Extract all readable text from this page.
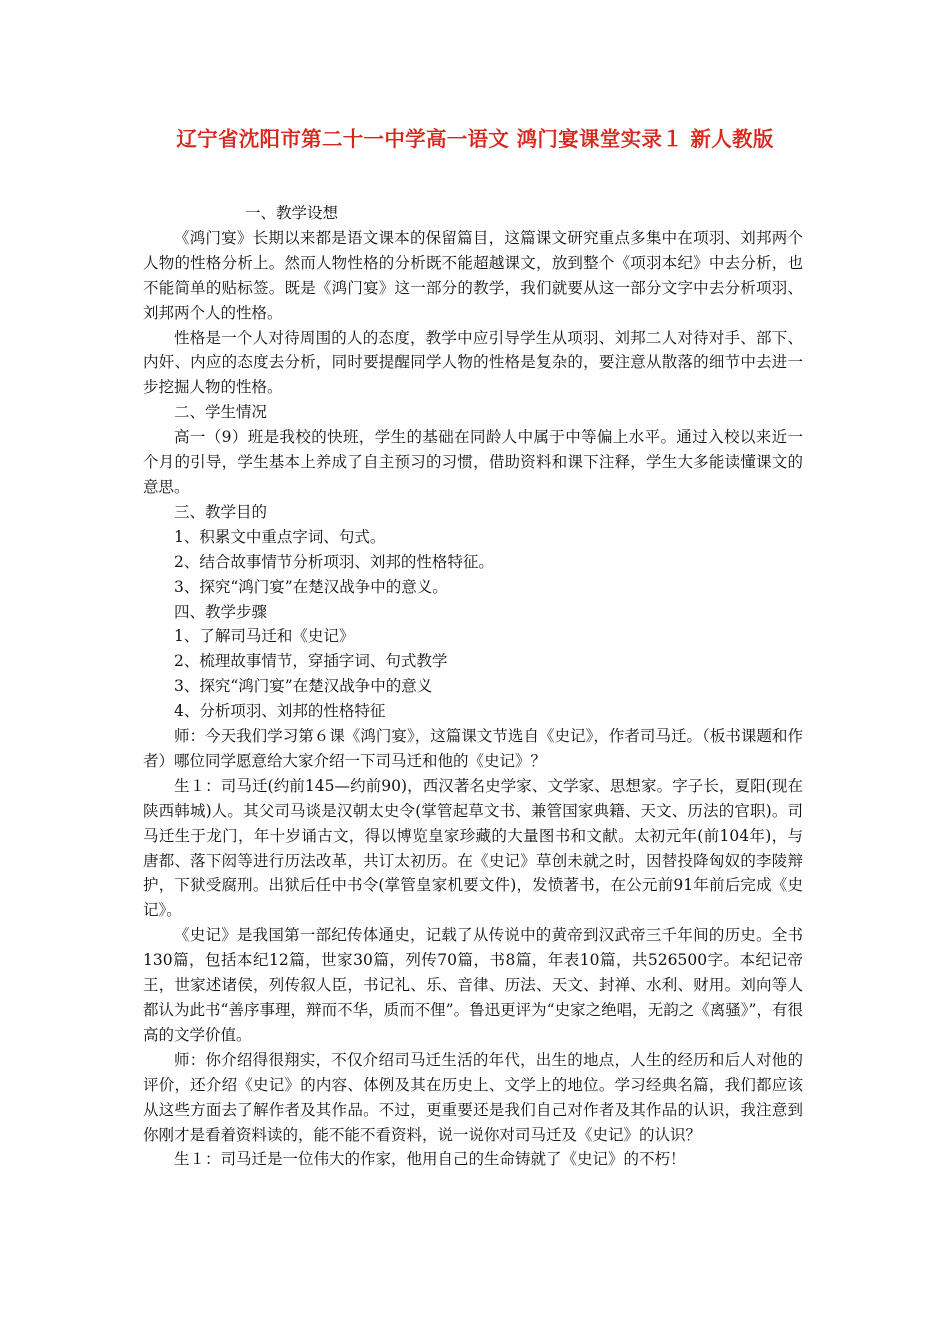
辽宁省沈阳市第二十一中学高一语文 鸿门宴课堂实录１ 新人教版

一、教学设想

《鸿门宴》长期以来都是语文课本的保留篇目，这篇课文研究重点多集中在项羽、刘邦两个人物的性格分析上。然而人物性格的分析既不能超越课文，放到整个《项羽本纪》中去分析，也不能简单的贴标签。既是《鸿门宴》这一部分的教学，我们就要从这一部分文字中去分析项羽、刘邦两个人的性格。

性格是一个人对待周围的人的态度，教学中应引导学生从项羽、刘邦二人对待对手、部下、内奸、内应的态度去分析，同时要提醒同学人物的性格是复杂的，要注意从散落的细节中去进一步挖掘人物的性格。

二、学生情况

高一（9）班是我校的快班，学生的基础在同龄人中属于中等偏上水平。通过入校以来近一个月的引导，学生基本上养成了自主预习的习惯，借助资料和课下注释，学生大多能读懂课文的意思。

三、教学目的

1、积累文中重点字词、句式。

2、结合故事情节分析项羽、刘邦的性格特征。

3、探究“鸿门宴”在楚汉战争中的意义。

四、教学步骤

1、了解司马迁和《史记》

2、梳理故事情节，穿插字词、句式教学

3、探究“鸿门宴”在楚汉战争中的意义

4、分析项羽、刘邦的性格特征

师：今天我们学习第６课《鸿门宴》，这篇课文节选自《史记》，作者司马迁。（板书课题和作者）哪位同学愿意给大家介绍一下司马迁和他的《史记》？

生１：司马迁(约前145—约前90)，西汉著名史学家、文学家、思想家。字子长，夏阳(现在陕西韩城)人。其父司马谈是汉朝太史令(掌管起草文书、兼管国家典籍、天文、历法的官职)。司马迁生于龙门，年十岁诵古文，得以博览皇家珍藏的大量图书和文献。太初元年(前104年)，与唐都、落下闳等进行历法改革，共订太初历。在《史记》草创未就之时，因替投降匈奴的李陵辩护，下狱受腐刑。出狱后任中书令(掌管皇家机要文件)，发愤著书，在公元前91年前后完成《史记》。

《史记》是我国第一部纪传体通史，记载了从传说中的黄帝到汉武帝三千年间的历史。全书130篇，包括本纪12篇，世家30篇，列传70篇，书8篇，年表10篇，共526500字。本纪记帝王，世家述诸侯，列传叙人臣，书记礼、乐、音律、历法、天文、封禅、水利、财用。刘向等人都认为此书“善序事理，辩而不华，质而不俚”。鲁迅更评为“史家之绝唱，无韵之《离骚》”，有很高的文学价值。

师：你介绍得很翔实，不仅介绍司马迁生活的年代，出生的地点，人生的经历和后人对他的评价，还介绍《史记》的内容、体例及其在历史上、文学上的地位。学习经典名篇，我们都应该从这些方面去了解作者及其作品。不过，更重要还是我们自己对作者及其作品的认识，我注意到你刚才是看着资料读的，能不能不看资料，说一说你对司马迁及《史记》的认识？

生１：司马迁是一位伟大的作家，他用自己的生命铸就了《史记》的不朽！
